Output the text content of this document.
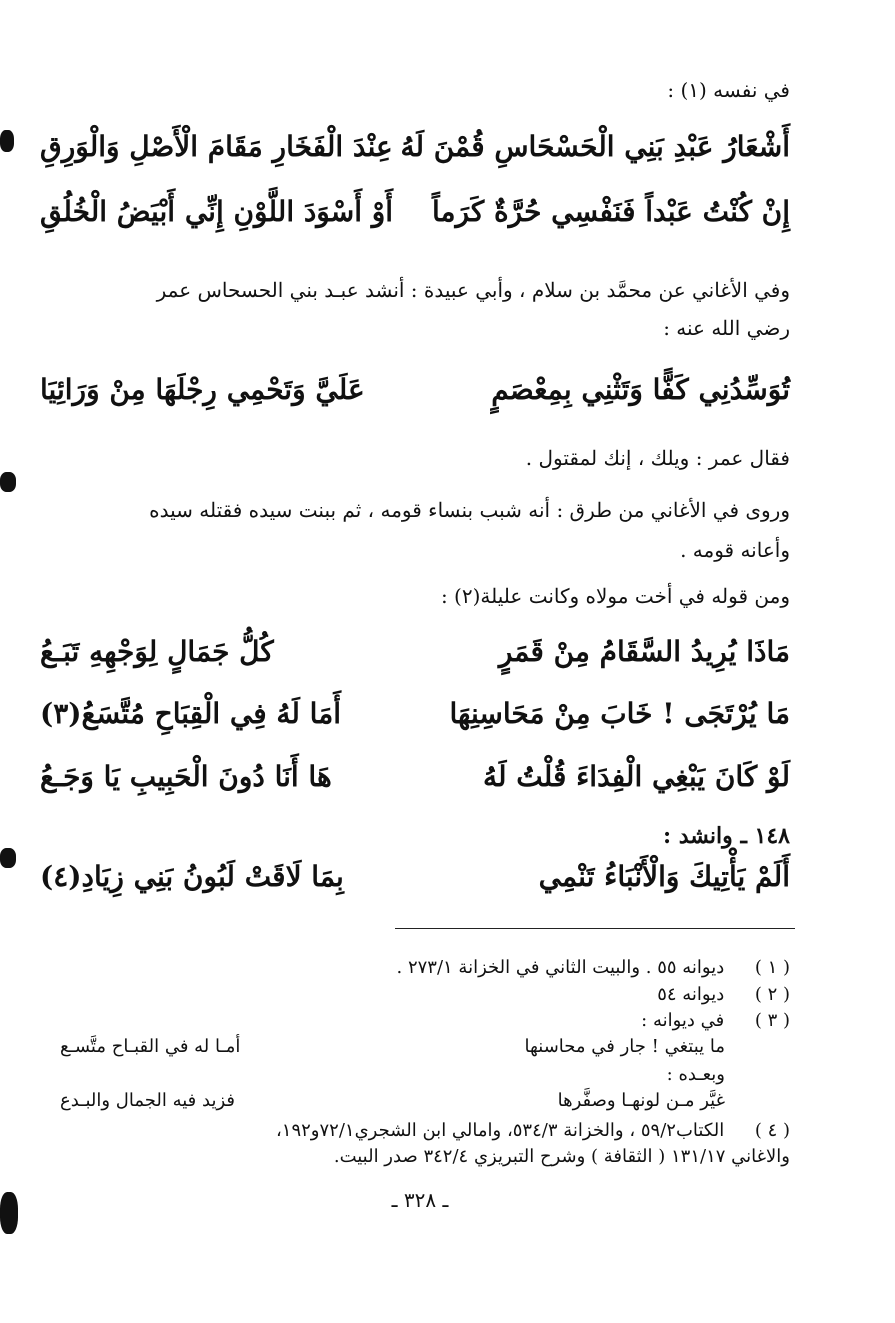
في نفسه (١) :
أَشْعَارُ عَبْدِ بَنِي الْحَسْحَاسِ قُمْنَ لَهُ
عِنْدَ الْفَخَارِ مَقَامَ الْأَصْلِ وَالْوَرِقِ
إِنْ كُنْتُ عَبْداً فَنَفْسِي حُرَّةٌ كَرَماً
أَوْ أَسْوَدَ اللَّوْنِ إِنِّي أَبْيَضُ الْخُلُقِ
وفي الأغاني عن محمَّد بن سلام ، وأبي عبيدة : أنشد عبـد بني الحسحاس عمر
رضي الله عنه :
تُوَسِّدُنِي كَفًّا وَتَثْنِي بِمِعْصَمٍ
عَلَيَّ وَتَحْمِي رِجْلَهَا مِنْ وَرَائِيَا
فقال عمر : ويلك ، إنك لمقتول .
وروى في الأغاني من طرق : أنه شبب بنساء قومه ، ثم ببنت سيده فقتله سيده
وأعانه قومه .
ومن قوله في أخت مولاه وكانت عليلة(٢) :
مَاذَا يُرِيدُ السَّقَامُ مِنْ قَمَرٍ
كُلُّ جَمَالٍ لِوَجْهِهِ تَبَـعُ
مَا يُرْتَجَى ! خَابَ مِنْ مَحَاسِنِهَا
أَمَا لَهُ فِي الْقِبَاحِ مُتَّسَعُ(٣)
لَوْ كَانَ يَبْغِي الْفِدَاءَ قُلْتُ لَهُ
هَا أَنَا دُونَ الْحَبِيبِ يَا وَجَـعُ
١٤٨ ـ وانشد :
أَلَمْ يَأْتِيكَ وَالْأَنْبَاءُ تَنْمِي
بِمَا لَاقَتْ لَبُونُ بَنِي زِيَادِ(٤)
( ١ ) ديوانه ٥٥ . والبيت الثاني في الخزانة ٢٧٣/١ .
( ٢ ) ديوانه ٥٤
( ٣ ) في ديوانه :
ما يبتغي ! جار في محاسنها
أمـا له في القبـاح متَّسـع
وبعـده :
غيَّر مـن لونهـا وصفَّرها
فزيد فيه الجمال والبـدع
( ٤ ) الكتاب٥٩/٢ ، والخزانة ٥٣٤/٣، وامالي ابن الشجري٧٢/١و١٩٢،
والاغاني ١٣١/١٧ ( الثقافة ) وشرح التبريزي ٣٤٢/٤ صدر البيت.
ـ ٣٢٨ ـ
